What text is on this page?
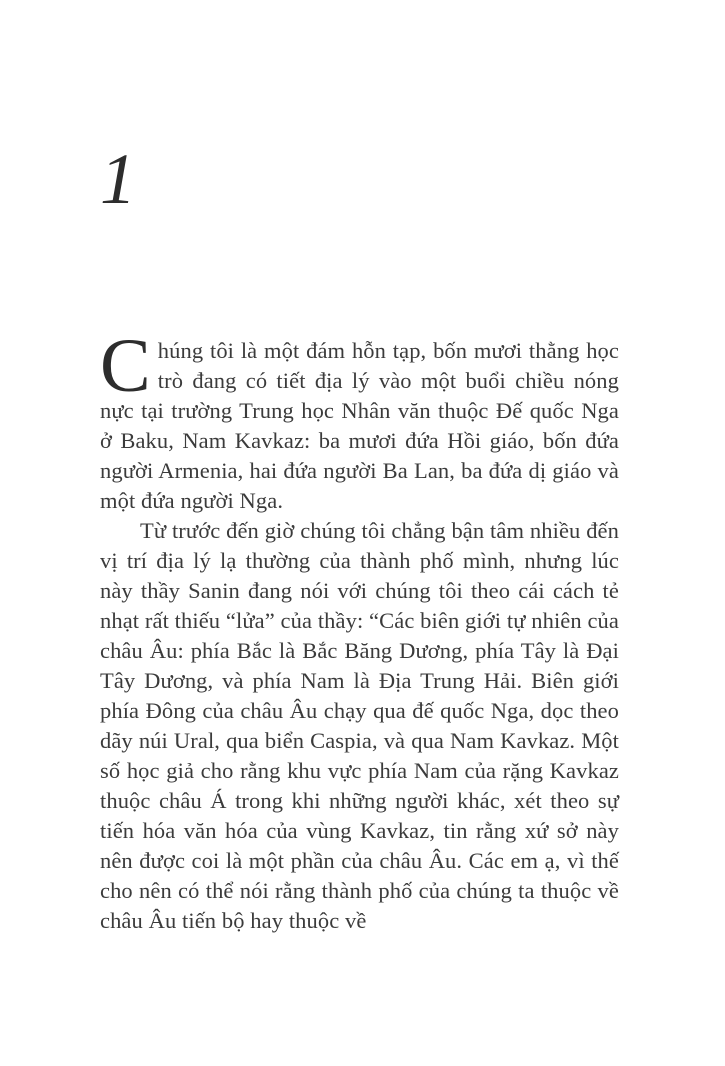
1

Chúng tôi là một đám hỗn tạp, bốn mươi thằng học trò đang có tiết địa lý vào một buổi chiều nóng nực tại trường Trung học Nhân văn thuộc Đế quốc Nga ở Baku, Nam Kavkaz: ba mươi đứa Hồi giáo, bốn đứa người Armenia, hai đứa người Ba Lan, ba đứa dị giáo và một đứa người Nga.

Từ trước đến giờ chúng tôi chẳng bận tâm nhiều đến vị trí địa lý lạ thường của thành phố mình, nhưng lúc này thầy Sanin đang nói với chúng tôi theo cái cách tẻ nhạt rất thiếu “lửa” của thầy: “Các biên giới tự nhiên của châu Âu: phía Bắc là Bắc Băng Dương, phía Tây là Đại Tây Dương, và phía Nam là Địa Trung Hải. Biên giới phía Đông của châu Âu chạy qua đế quốc Nga, dọc theo dãy núi Ural, qua biển Caspia, và qua Nam Kavkaz. Một số học giả cho rằng khu vực phía Nam của rặng Kavkaz thuộc châu Á trong khi những người khác, xét theo sự tiến hóa văn hóa của vùng Kavkaz, tin rằng xứ sở này nên được coi là một phần của châu Âu. Các em ạ, vì thế cho nên có thể nói rằng thành phố của chúng ta thuộc về châu Âu tiến bộ hay thuộc về
